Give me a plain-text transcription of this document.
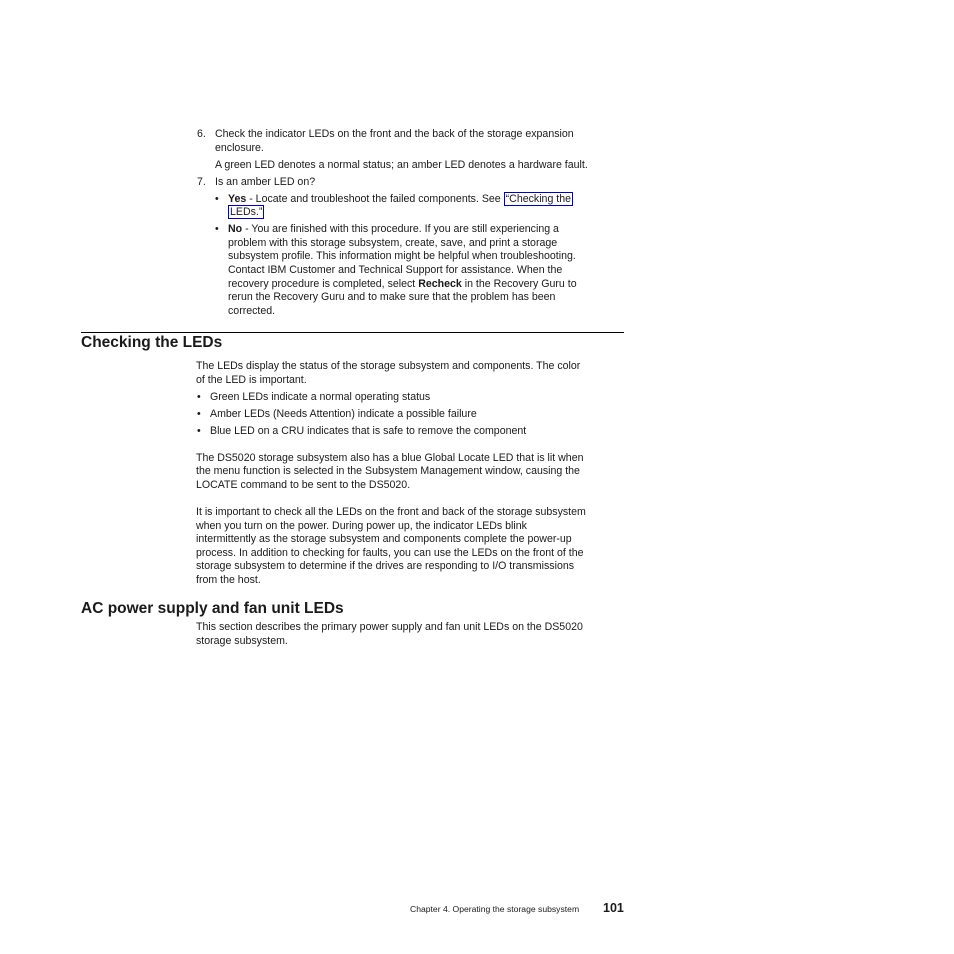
6. Check the indicator LEDs on the front and the back of the storage expansion
enclosure.
A green LED denotes a normal status; an amber LED denotes a hardware fault.
7. Is an amber LED on?
• Yes - Locate and troubleshoot the failed components. See “Checking the
LEDs.”
• No - You are finished with this procedure. If you are still experiencing a
problem with this storage subsystem, create, save, and print a storage
subsystem profile. This information might be helpful when troubleshooting.
Contact IBM Customer and Technical Support for assistance. When the
recovery procedure is completed, select Recheck in the Recovery Guru to
rerun the Recovery Guru and to make sure that the problem has been
corrected.
Checking the LEDs
The LEDs display the status of the storage subsystem and components. The color
of the LED is important.
• Green LEDs indicate a normal operating status
• Amber LEDs (Needs Attention) indicate a possible failure
• Blue LED on a CRU indicates that is safe to remove the component
The DS5020 storage subsystem also has a blue Global Locate LED that is lit when
the menu function is selected in the Subsystem Management window, causing the
LOCATE command to be sent to the DS5020.
It is important to check all the LEDs on the front and back of the storage subsystem
when you turn on the power. During power up, the indicator LEDs blink
intermittently as the storage subsystem and components complete the power-up
process. In addition to checking for faults, you can use the LEDs on the front of the
storage subsystem to determine if the drives are responding to I/O transmissions
from the host.
AC power supply and fan unit LEDs
This section describes the primary power supply and fan unit LEDs on the DS5020
storage subsystem.
Chapter 4. Operating the storage subsystem 101
